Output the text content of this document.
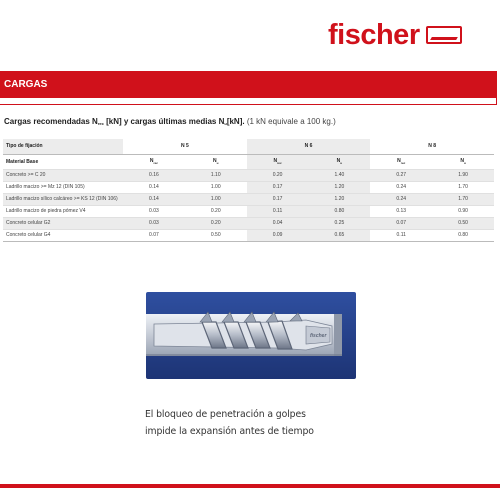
fischer
CARGAS
Cargas recomendadas $N_{rec}$ [kN] y cargas últimas medias $N_u[kN]$. (1 kN equivale a 100 kg.)
Tipo de fijación	N 5		N 6		N 8	
Material Base	$N_{rec}$	$N_u$	$N_{rec}$	$N_u$	$N_{rec}$	$N_u$
Concreto >= C 20	0.16	1.10	0.20	1.40	0.27	1.90
Ladrillo macizo >= Mz 12 (DIN 105)	0.14	1.00	0.17	1.20	0.24	1.70
Ladrillo macizo sílico calcáreo >= KS 12 (DIN 106)	0.14	1.00	0.17	1.20	0.24	1.70
Ladrillo macizo de piedra pómez V4	0.03	0.20	0.11	0.80	0.13	0.90
Concreto celular G2	0.03	0.20	0.04	0.25	0.07	0.50
Concreto celular G4	0.07	0.50	0.09	0.65	0.11	0.80
fischer
El bloqueo de penetración a golpes
impide la expansión antes de tiempo
